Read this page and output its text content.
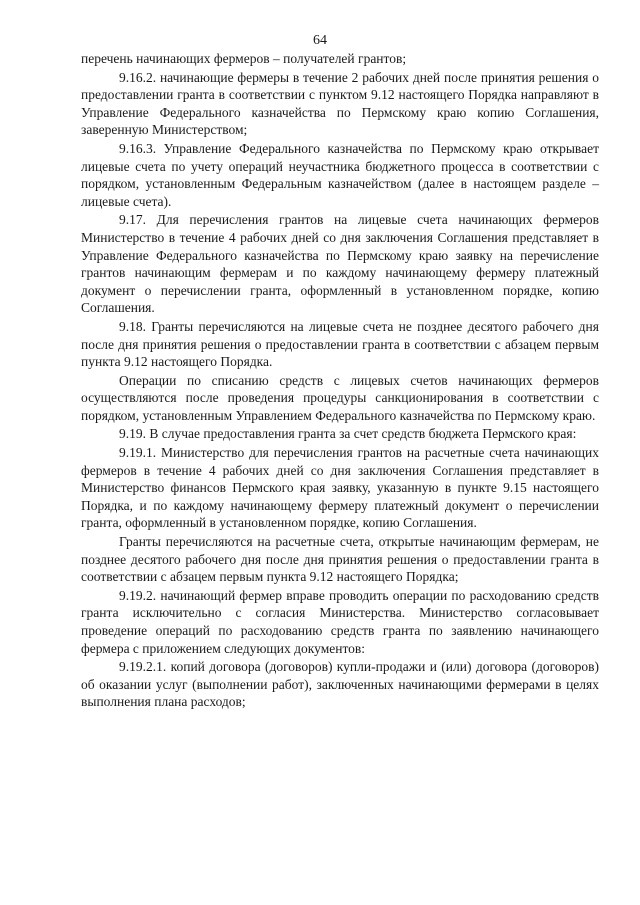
64

перечень начинающих фермеров – получателей грантов;

9.16.2. начинающие фермеры в течение 2 рабочих дней после принятия решения о предоставлении гранта в соответствии с пунктом 9.12 настоящего Порядка направляют в Управление Федерального казначейства по Пермскому краю копию Соглашения, заверенную Министерством;

9.16.3. Управление Федерального казначейства по Пермскому краю открывает лицевые счета по учету операций неучастника бюджетного процесса в соответствии с порядком, установленным Федеральным казначейством (далее в настоящем разделе – лицевые счета).

9.17. Для перечисления грантов на лицевые счета начинающих фермеров Министерство в течение 4 рабочих дней со дня заключения Соглашения представляет в Управление Федерального казначейства по Пермскому краю заявку на перечисление грантов начинающим фермерам и по каждому начинающему фермеру платежный документ о перечислении гранта, оформленный в установленном порядке, копию Соглашения.

9.18. Гранты перечисляются на лицевые счета не позднее десятого рабочего дня после дня принятия решения о предоставлении гранта в соответствии с абзацем первым пункта 9.12 настоящего Порядка.

Операции по списанию средств с лицевых счетов начинающих фермеров осуществляются после проведения процедуры санкционирования в соответствии с порядком, установленным Управлением Федерального казначейства по Пермскому краю.

9.19. В случае предоставления гранта за счет средств бюджета Пермского края:

9.19.1. Министерство для перечисления грантов на расчетные счета начинающих фермеров в течение 4 рабочих дней со дня заключения Соглашения представляет в Министерство финансов Пермского края заявку, указанную в пункте 9.15 настоящего Порядка, и по каждому начинающему фермеру платежный документ о перечислении гранта, оформленный в установленном порядке, копию Соглашения.

Гранты перечисляются на расчетные счета, открытые начинающим фермерам, не позднее десятого рабочего дня после дня принятия решения о предоставлении гранта в соответствии с абзацем первым пункта 9.12 настоящего Порядка;

9.19.2. начинающий фермер вправе проводить операции по расходованию средств гранта исключительно с согласия Министерства. Министерство согласовывает проведение операций по расходованию средств гранта по заявлению начинающего фермера с приложением следующих документов:

9.19.2.1. копий договора (договоров) купли-продажи и (или) договора (договоров) об оказании услуг (выполнении работ), заключенных начинающими фермерами в целях выполнения плана расходов;
